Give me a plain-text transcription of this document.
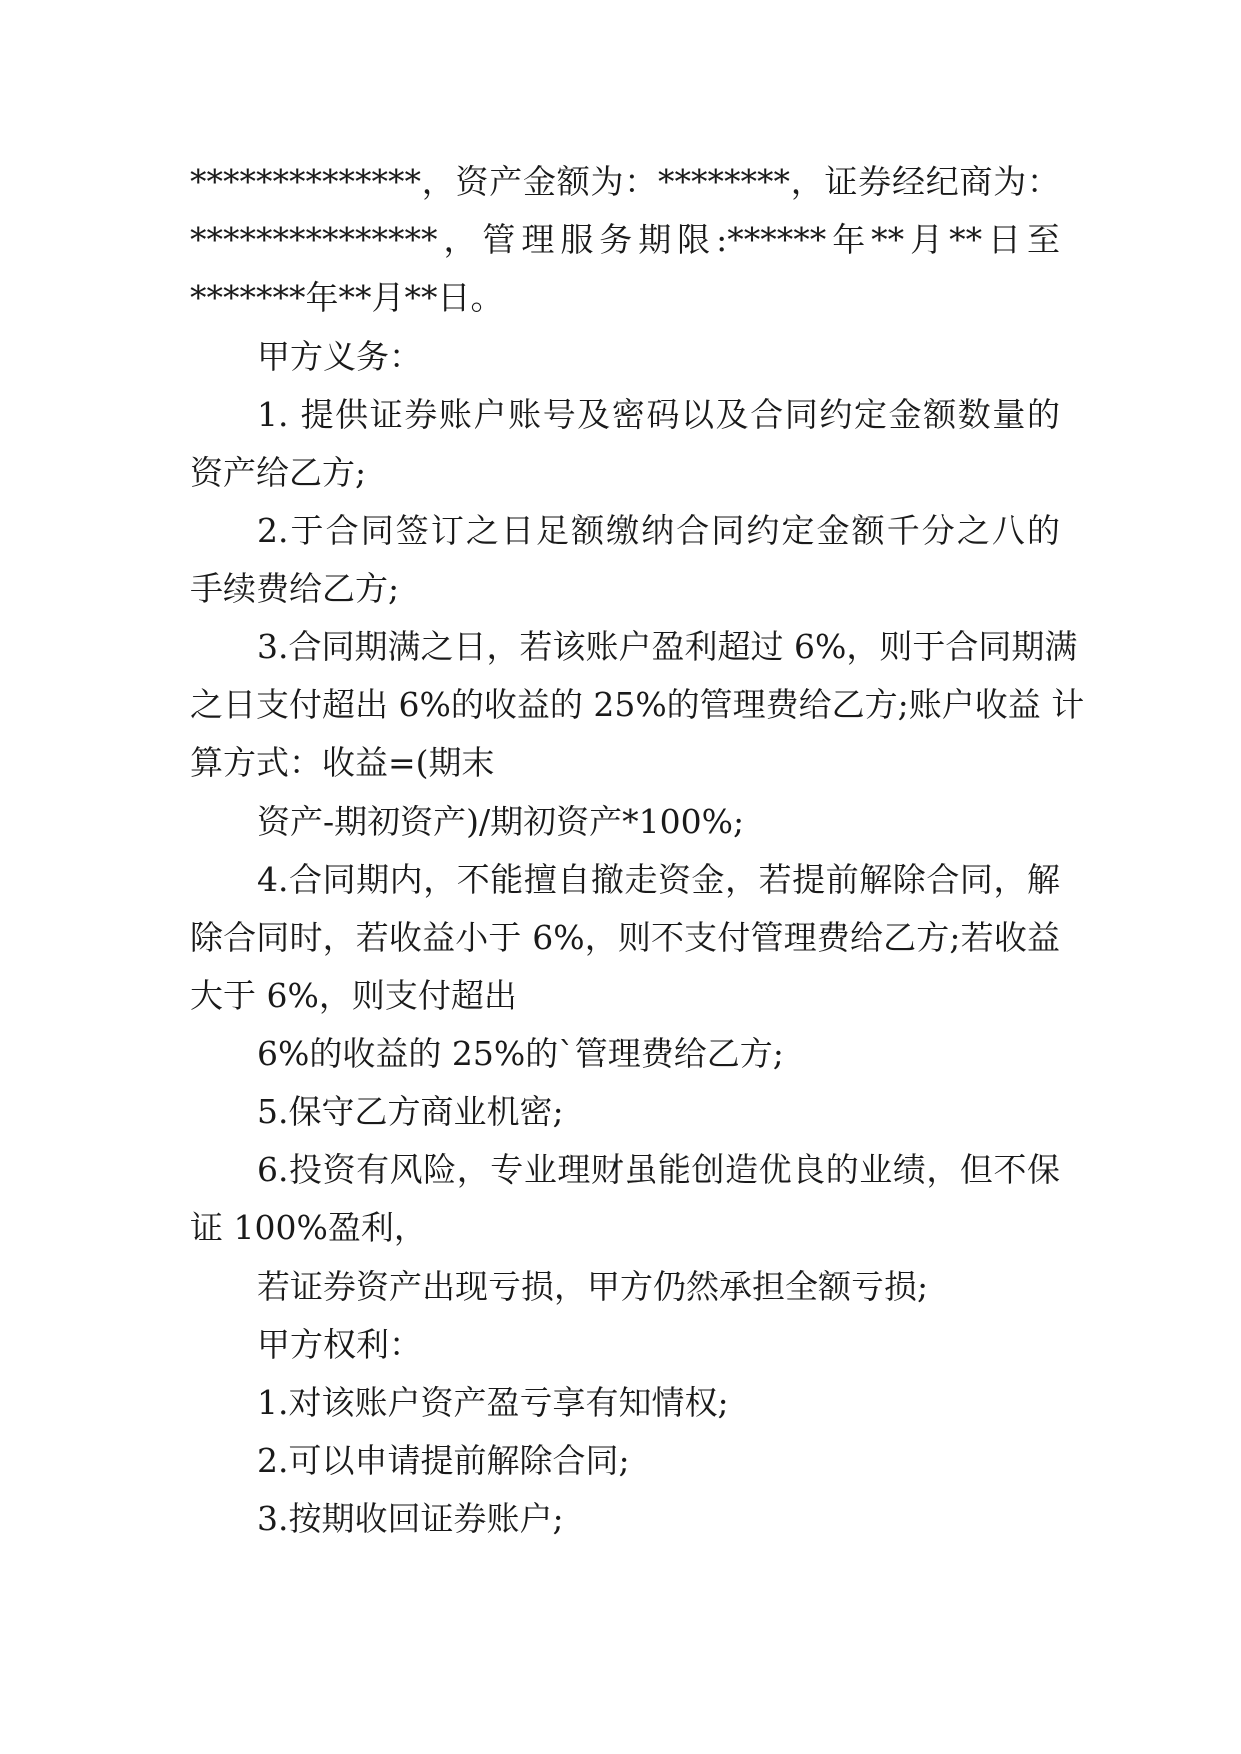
**************，资产金额为：********，证券经纪商为：
***************，管理服务期限:******年**月**日至
*******年**月**日。
甲方义务：
1. 提供证券账户账号及密码以及合同约定金额数量的
资产给乙方;
2.于合同签订之日足额缴纳合同约定金额千分之八的
手续费给乙方;
3.合同期满之日，若该账户盈利超过 6%，则于合同期满
之日支付超出 6%的收益的 25%的管理费给乙方;账户收益 计
算方式：收益=(期末
资产-期初资产)/期初资产*100%;
4.合同期内，不能擅自撤走资金，若提前解除合同，解
除合同时，若收益小于 6%，则不支付管理费给乙方;若收益
大于 6%，则支付超出
6%的收益的 25%的`管理费给乙方;
5.保守乙方商业机密;
6.投资有风险，专业理财虽能创造优良的业绩，但不保
证 100%盈利，
若证券资产出现亏损，甲方仍然承担全额亏损;
甲方权利：
1.对该账户资产盈亏享有知情权;
2.可以申请提前解除合同;
3.按期收回证券账户;
